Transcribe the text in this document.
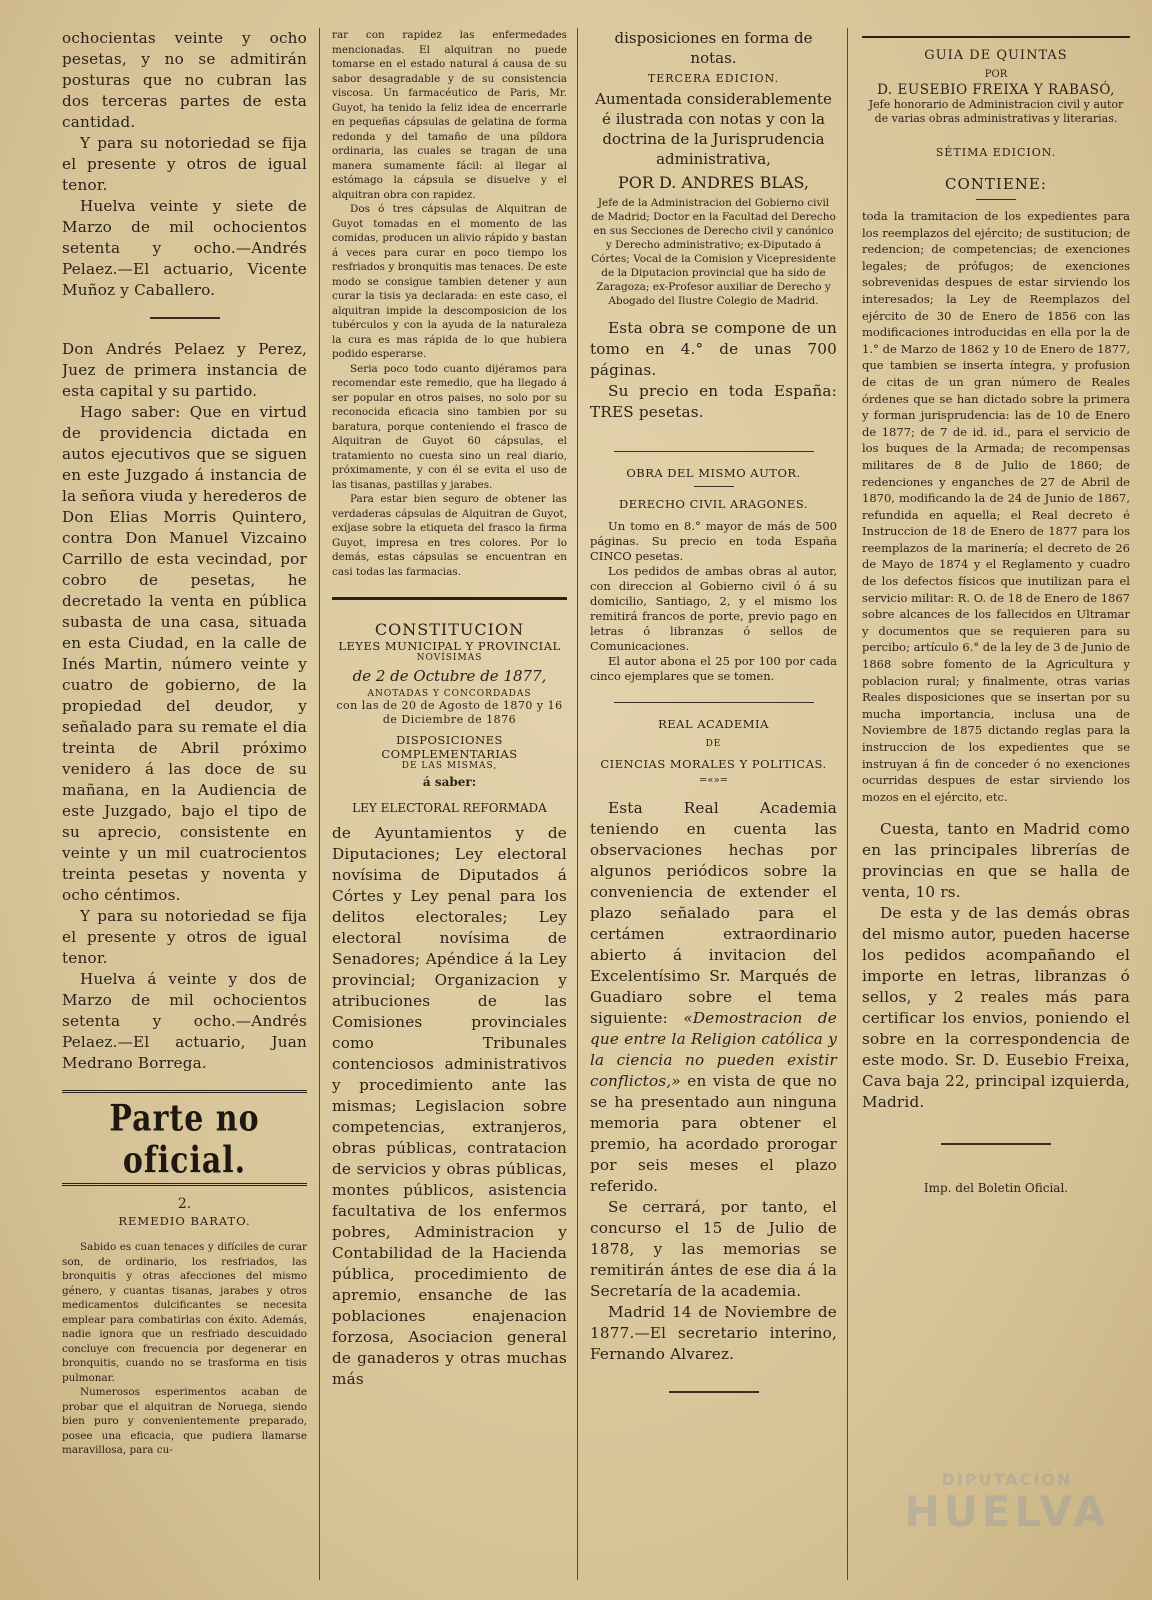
ochocientas veinte y ocho pesetas, y no se admitirán posturas que no cubran las dos terceras partes de esta cantidad.

Y para su notoriedad se fija el presente y otros de igual tenor.

Huelva veinte y siete de Marzo de mil ochocientos setenta y ocho.—Andrés Pelaez.—El actuario, Vicente Muñoz y Caballero.

Don Andrés Pelaez y Perez, Juez de primera instancia de esta capital y su partido.

Hago saber: Que en virtud de providencia dictada en autos ejecutivos que se siguen en este Juzgado á instancia de la señora viuda y herederos de Don Elias Morris Quintero, contra Don Manuel Vizcaino Carrillo de esta vecindad, por cobro de pesetas, he decretado la venta en pública subasta de una casa, situada en esta Ciudad, en la calle de Inés Martin, número veinte y cuatro de gobierno, de la propiedad del deudor, y señalado para su remate el dia treinta de Abril próximo venidero á las doce de su mañana, en la Audiencia de este Juzgado, bajo el tipo de su aprecio, consistente en veinte y un mil cuatrocientos treinta pesetas y noventa y ocho céntimos.

Y para su notoriedad se fija el presente y otros de igual tenor.

Huelva á veinte y dos de Marzo de mil ochocientos setenta y ocho.—Andrés Pelaez.—El actuario, Juan Medrano Borrega.

Parte no oficial.
2.
REMEDIO BARATO.

Sabido es cuan tenaces y difíciles de curar son, de ordinario, los resfriados, las bronquitis y otras afecciones del mismo género, y cuantas tisanas, jarabes y otros medicamentos dulcificantes se necesita emplear para combatirlas con éxito. Además, nadie ignora que un resfriado descuidado concluye con frecuencia por degenerar en bronquitis, cuando no se trasforma en tisis pulmonar.

Numerosos esperimentos acaban de probar que el alquitran de Noruega, siendo bien puro y convenientemente preparado, posee una eficacia, que pudiera llamarse maravillosa, para cu-

rar con rapidez las enfermedades mencionadas. El alquitran no puede tomarse en el estado natural á causa de su sabor desagradable y de su consistencia viscosa. Un farmacéutico de Paris, Mr. Guyot, ha tenido la feliz idea de encerrarle en pequeñas cápsulas de gelatina de forma redonda y del tamaño de una píldora ordinaria, las cuales se tragan de una manera sumamente fácil: al llegar al estómago la cápsula se disuelve y el alquitran obra con rapidez.

Dos ó tres cápsulas de Alquitran de Guyot tomadas en el momento de las comidas, producen un alivio rápido y bastan á veces para curar en poco tiempo los resfriados y bronquitis mas tenaces. De este modo se consigue tambien detener y aun curar la tisis ya declarada: en este caso, el alquitran impide la descomposicion de los tubérculos y con la ayuda de la naturaleza la cura es mas rápida de lo que hubiera podido esperarse.

Seria poco todo cuanto dijéramos para recomendar este remedio, que ha llegado á ser popular en otros paises, no solo por su reconocida eficacia sino tambien por su baratura, porque conteniendo el frasco de Alquitran de Guyot 60 cápsulas, el tratamiento no cuesta sino un real diario, próximamente, y con él se evita el uso de las tisanas, pastillas y jarabes.

Para estar bien seguro de obtener las verdaderas cápsulas de Alquitran de Guyot, exíjase sobre la etiqueta del frasco la firma Guyot, impresa en tres colores. Por lo demás, estas cápsulas se encuentran en casi todas las farmacias.

CONSTITUCION
LEYES MUNICIPAL Y PROVINCIAL
NOVÍSIMAS
de 2 de Octubre de 1877,
ANOTADAS Y CONCORDADAS
con las de 20 de Agosto de 1870 y 16 de Diciembre de 1876
DISPOSICIONES COMPLEMENTARIAS
DE LAS MISMAS,
á saber:
LEY ELECTORAL REFORMADA

de Ayuntamientos y de Diputaciones; Ley electoral novísima de Diputados á Córtes y Ley penal para los delitos electorales; Ley electoral novísima de Senadores; Apéndice á la Ley provincial; Organizacion y atribuciones de las Comisiones provinciales como Tribunales contenciosos administrativos y procedimiento ante las mismas; Legislacion sobre competencias, extranjeros, obras públicas, contratacion de servicios y obras públicas, montes públicos, asistencia facultativa de los enfermos pobres, Administracion y Contabilidad de la Hacienda pública, procedimiento de apremio, ensanche de las poblaciones enajenacion forzosa, Asociacion general de ganaderos y otras muchas más

disposiciones en forma de notas.

TERCERA EDICION.

Aumentada considerablemente é ilustrada con notas y con la doctrina de la Jurisprudencia administrativa,

POR D. ANDRES BLAS,

Jefe de la Administracion del Gobierno civil de Madrid; Doctor en la Facultad del Derecho en sus Secciones de Derecho civil y canónico y Derecho administrativo; ex-Diputado á Córtes; Vocal de la Comision y Vicepresidente de la Diputacion provincial que ha sido de Zaragoza; ex-Profesor auxiliar de Derecho y Abogado del Ilustre Colegio de Madrid.

Esta obra se compone de un tomo en 4.° de unas 700 páginas.

Su precio en toda España: TRES pesetas.

OBRA DEL MISMO AUTOR.
DERECHO CIVIL ARAGONES.

Un tomo en 8.° mayor de más de 500 páginas. Su precio en toda España CINCO pesetas.

Los pedidos de ambas obras al autor, con direccion al Gobierno civil ó á su domicilio, Santiago, 2, y el mismo los remitirá francos de porte, previo pago en letras ó libranzas ó sellos de Comunicaciones.

El autor abona el 25 por 100 por cada cinco ejemplares que se tomen.

REAL ACADEMIA
DE
CIENCIAS MORALES Y POLITICAS.
=«»=

Esta Real Academia teniendo en cuenta las observaciones hechas por algunos periódicos sobre la conveniencia de extender el plazo señalado para el certámen extraordinario abierto á invitacion del Excelentísimo Sr. Marqués de Guadiaro sobre el tema siguiente: «Demostracion de que entre la Religion católica y la ciencia no pueden existir conflictos,» en vista de que no se ha presentado aun ninguna memoria para obtener el premio, ha acordado prorogar por seis meses el plazo referido.

Se cerrará, por tanto, el concurso el 15 de Julio de 1878, y las memorias se remitirán ántes de ese dia á la Secretaría de la academia.

Madrid 14 de Noviembre de 1877.—El secretario interino, Fernando Alvarez.

GUIA DE QUINTAS
POR
D. EUSEBIO FREIXA Y RABASÓ,

Jefe honorario de Administracion civil y autor de varias obras administrativas y literarias.

SÉTIMA EDICION.
CONTIENE:

toda la tramitacion de los expedientes para los reemplazos del ejército; de sustitucion; de redencion; de competencias; de exenciones legales; de prófugos; de exenciones sobrevenidas despues de estar sirviendo los interesados; la Ley de Reemplazos del ejército de 30 de Enero de 1856 con las modificaciones introducidas en ella por la de 1.° de Marzo de 1862 y 10 de Enero de 1877, que tambien se inserta íntegra, y profusion de citas de un gran número de Reales órdenes que se han dictado sobre la primera y forman jurisprudencia: las de 10 de Enero de 1877; de 7 de id. id., para el servicio de los buques de la Armada; de recompensas militares de 8 de Julio de 1860; de redenciones y enganches de 27 de Abril de 1870, modificando la de 24 de Junio de 1867, refundida en aquella; el Real decreto é Instruccion de 18 de Enero de 1877 para los reemplazos de la marinería; el decreto de 26 de Mayo de 1874 y el Reglamento y cuadro de los defectos físicos que inutilizan para el servicio militar: R. O. de 18 de Enero de 1867 sobre alcances de los fallecidos en Ultramar y documentos que se requieren para su percibo; artículo 6.° de la ley de 3 de Junio de 1868 sobre fomento de la Agricultura y poblacion rural; y finalmente, otras varias Reales disposiciones que se insertan por su mucha importancia, inclusa una de Noviembre de 1875 dictando reglas para la instruccion de los expedientes que se instruyan á fin de conceder ó no exenciones ocurridas despues de estar sirviendo los mozos en el ejército, etc.

Cuesta, tanto en Madrid como en las principales librerías de provincias en que se halla de venta, 10 rs.

De esta y de las demás obras del mismo autor, pueden hacerse los pedidos acompañando el importe en letras, libranzas ó sellos, y 2 reales más para certificar los envios, poniendo el sobre en la correspondencia de este modo. Sr. D. Eusebio Freixa, Cava baja 22, principal izquierda, Madrid.

Imp. del Boletin Oficial.
DIPUTACIÓN
HUELVA
